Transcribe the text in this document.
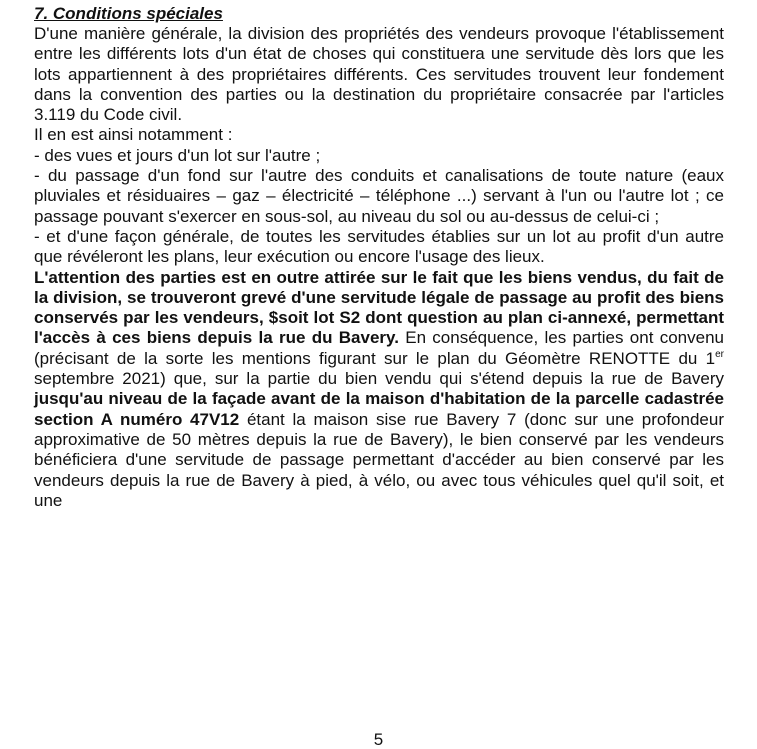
7. Conditions spéciales

D'une manière générale, la division des propriétés des vendeurs provoque l'établissement entre les différents lots d'un état de choses qui constituera une servitude dès lors que les lots appartiennent à des propriétaires différents. Ces servitudes trouvent leur fondement dans la convention des parties ou la destination du propriétaire consacrée par l'articles 3.119 du Code civil.

Il en est ainsi notamment :

- des vues et jours d'un lot sur l'autre ;

- du passage d'un fond sur l'autre des conduits et canalisations de toute nature (eaux pluviales et résiduaires – gaz – électricité – téléphone ...) servant à l'un ou l'autre lot ; ce passage pouvant s'exercer en sous-sol, au niveau du sol ou au-dessus de celui-ci ;

- et d'une façon générale, de toutes les servitudes établies sur un lot au profit d'un autre que révéleront les plans, leur exécution ou encore l'usage des lieux.

L'attention des parties est en outre attirée sur le fait que les biens vendus, du fait de la division, se trouveront grevé d'une servitude légale de passage au profit des biens conservés par les vendeurs, $soit lot S2 dont question au plan ci-annexé, permettant l'accès à ces biens depuis la rue du Bavery. En conséquence, les parties ont convenu (précisant de la sorte les mentions figurant sur le plan du Géomètre RENOTTE du 1er septembre 2021) que, sur la partie du bien vendu qui s'étend depuis la rue de Bavery jusqu'au niveau de la façade avant de la maison d'habitation de la parcelle cadastrée section A numéro 47V12 étant la maison sise rue Bavery 7 (donc sur une profondeur approximative de 50 mètres depuis la rue de Bavery), le bien conservé par les vendeurs bénéficiera d'une servitude de passage permettant d'accéder au bien conservé par les vendeurs depuis la rue de Bavery à pied, à vélo, ou avec tous véhicules quel qu'il soit, et une

5
